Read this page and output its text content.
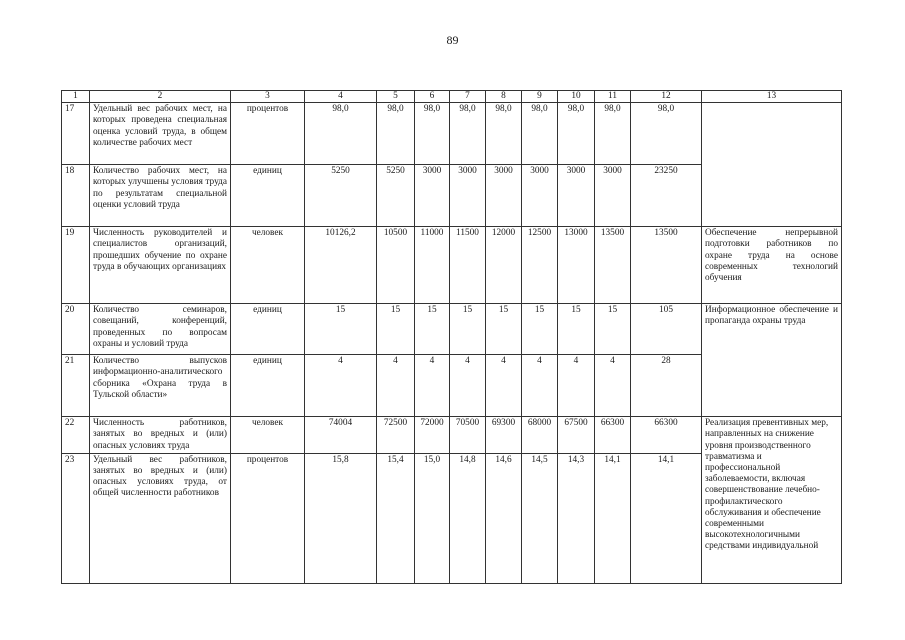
89
1	2	3	4	5	6	7	8	9	10	11	12	13
17	Удельный вес рабочих мест, на которых проведена специальная оценка условий труда, в общем количестве рабочих мест	процентов	98,0	98,0	98,0	98,0	98,0	98,0	98,0	98,0	98,0	
18	Количество рабочих мест, на которых улучшены условия труда по результатам специальной оценки условий труда	единиц	5250	5250	3000	3000	3000	3000	3000	3000	23250	
19	Численность руководителей и специалистов организаций, прошедших обучение по охране труда в обучающих организациях	человек	10126,2	10500	11000	11500	12000	12500	13000	13500	13500	Обеспечение непрерывной подготовки работников по охране труда на основе современных технологий обучения
20	Количество семинаров, совещаний, конференций, проведенных по вопросам охраны и условий труда	единиц	15	15	15	15	15	15	15	15	105	Информационное обеспечение и пропаганда охраны труда
21	Количество выпусков информационно-аналитического сборника «Охрана труда в Тульской области»	единиц	4	4	4	4	4	4	4	4	28	
22	Численность работников, занятых во вредных и (или) опасных условиях труда	человек	74004	72500	72000	70500	69300	68000	67500	66300	66300	Реализация превентивных мер, направленных на снижение уровня производственного травматизма и профессиональной заболеваемости, включая совершенствование лечебно-профилактического обслуживания и обеспечение современными высокотехнологичными средствами индивидуальной
23	Удельный вес работников, занятых во вредных и (или) опасных условиях труда, от общей численности работников	процентов	15,8	15,4	15,0	14,8	14,6	14,5	14,3	14,1	14,1	
